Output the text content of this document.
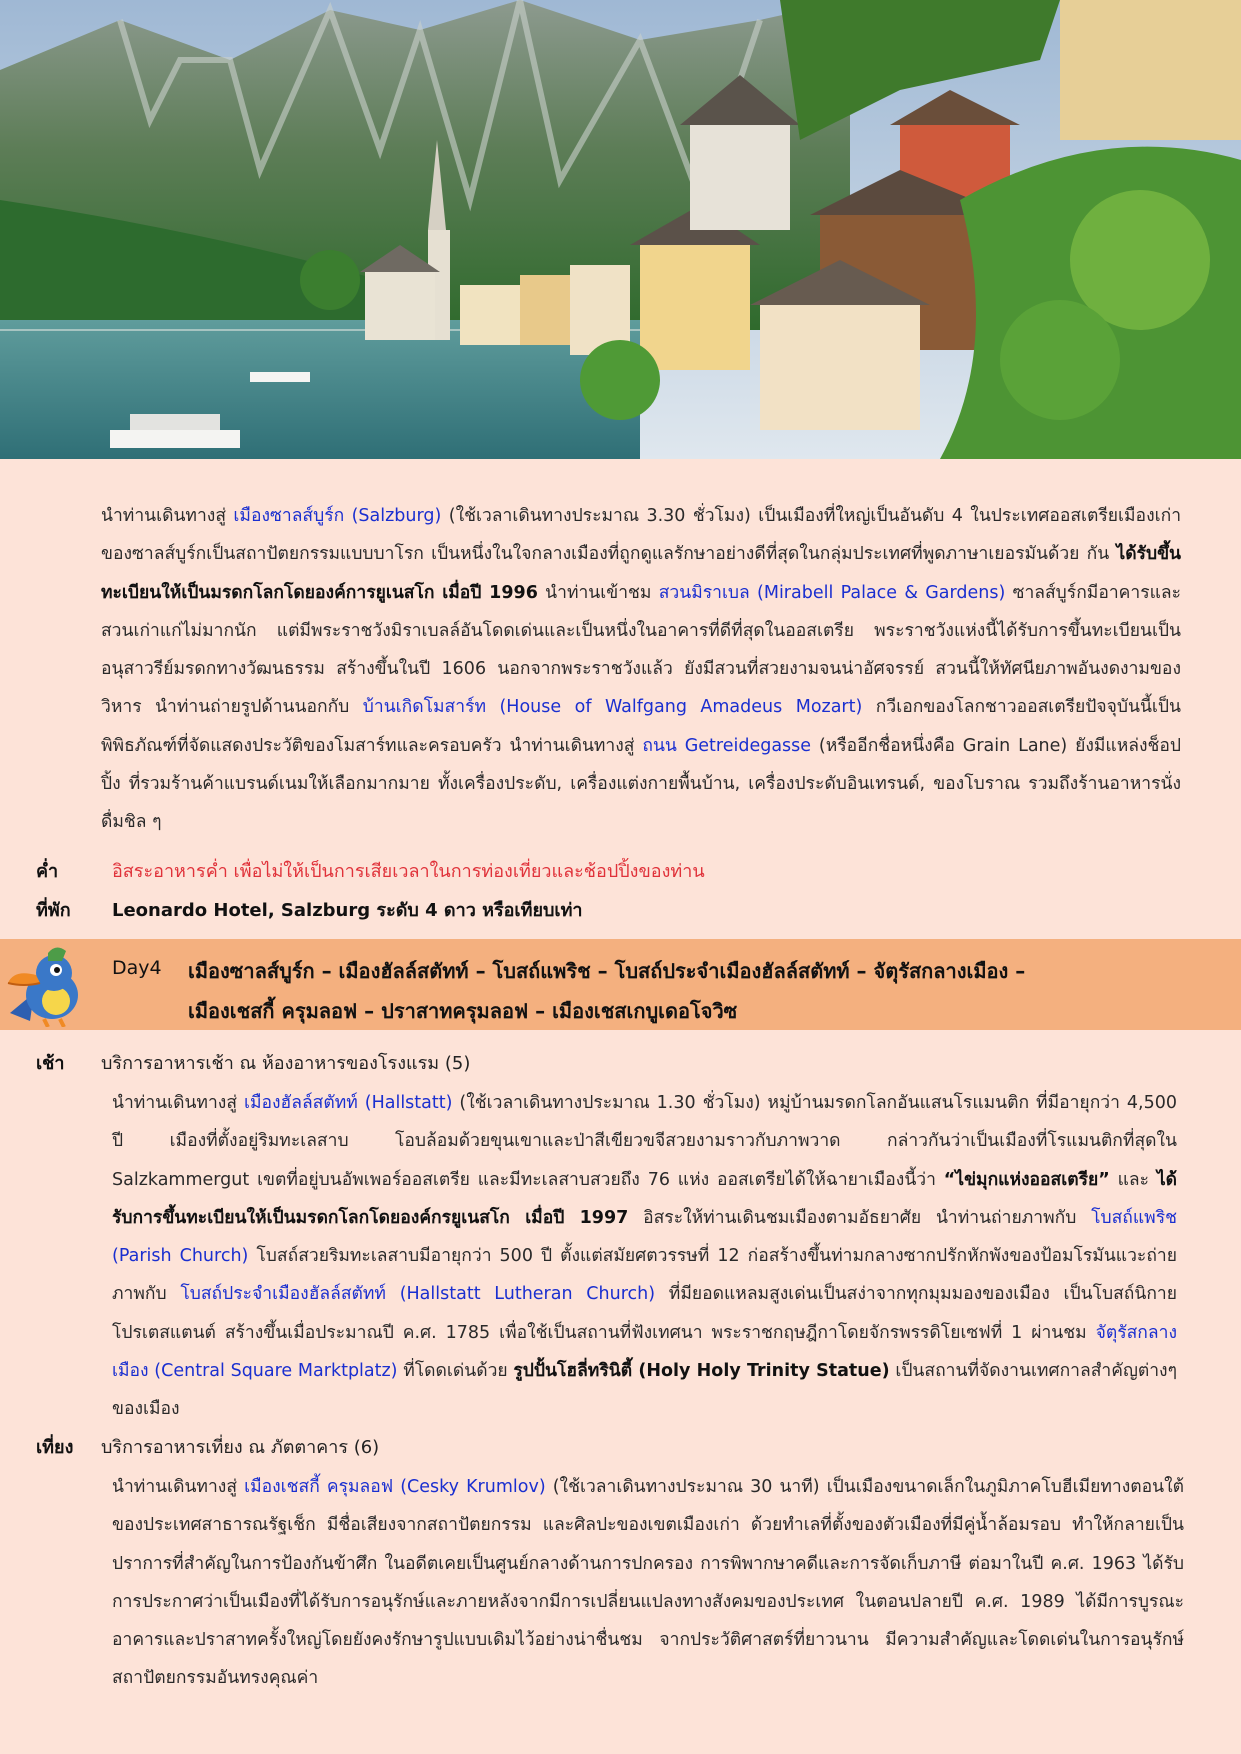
นำท่านเดินทางสู่ เมืองซาลส์บูร์ก (Salzburg) (ใช้เวลาเดินทางประมาณ 3.30 ชั่วโมง) เป็นเมืองที่ใหญ่เป็นอันดับ 4 ในประเทศออสเตรียเมืองเก่าของซาลส์บูร์กเป็นสถาปัตยกรรมแบบบาโรก เป็นหนึ่งในใจกลางเมืองที่ถูกดูแลรักษาอย่างดีที่สุดในกลุ่มประเทศที่พูดภาษาเยอรมันด้วย กัน ได้รับขึ้นทะเบียนให้เป็นมรดกโลกโดยองค์การยูเนสโก เมื่อปี 1996 นำท่านเข้าชม สวนมิราเบล (Mirabell Palace & Gardens) ซาลส์บูร์กมีอาคารและสวนเก่าแก่ไม่มากนัก แต่มีพระราชวังมิราเบลล์อันโดดเด่นและเป็นหนึ่งในอาคารที่ดีที่สุดในออสเตรีย พระราชวังแห่งนี้ได้รับการขึ้นทะเบียนเป็นอนุสาวรีย์มรดกทางวัฒนธรรม สร้างขึ้นในปี 1606 นอกจากพระราชวังแล้ว ยังมีสวนที่สวยงามจนน่าอัศจรรย์ สวนนี้ให้ทัศนียภาพอันงดงามของวิหาร นำท่านถ่ายรูปด้านนอกกับ บ้านเกิดโมสาร์ท (House of Walfgang Amadeus Mozart) กวีเอกของโลกชาวออสเตรียปัจจุบันนี้เป็นพิพิธภัณฑ์ที่จัดแสดงประวัติของโมสาร์ทและครอบครัว นำท่านเดินทางสู่ ถนน Getreidegasse (หรืออีกชื่อหนึ่งคือ Grain Lane) ยังมีแหล่งช็อปปิ้ง ที่รวมร้านค้าแบรนด์เนมให้เลือกมากมาย ทั้งเครื่องประดับ, เครื่องแต่งกายพื้นบ้าน, เครื่องประดับอินเทรนด์, ของโบราณ รวมถึงร้านอาหารนั่งดื่มชิล ๆ

ค่ำ	อิสระอาหารค่ำ เพื่อไม่ให้เป็นการเสียเวลาในการท่องเที่ยวและช้อปปิ้งของท่าน
ที่พัก Leonardo Hotel, Salzburg ระดับ 4 ดาว หรือเทียบเท่า
Day4 เมืองซาลส์บูร์ก – เมืองฮัลล์สตัทท์ – โบสถ์แพริช – โบสถ์ประจำเมืองฮัลล์สตัทท์ – จัตุรัสกลางเมือง –
เมืองเชสกี้ ครุมลอฟ – ปราสาทครุมลอฟ – เมืองเชสเกบูเดอโจวิซ
เช้า บริการอาหารเช้า ณ ห้องอาหารของโรงแรม (5)

นำท่านเดินทางสู่ เมืองฮัลล์สตัทท์ (Hallstatt) (ใช้เวลาเดินทางประมาณ 1.30 ชั่วโมง) หมู่บ้านมรดกโลกอันแสนโรแมนติก ที่มีอายุกว่า 4,500 ปี เมืองที่ตั้งอยู่ริมทะเลสาบ โอบล้อมด้วยขุนเขาและป่าสีเขียวขจีสวยงามราวกับภาพวาด กล่าวกันว่าเป็นเมืองที่โรแมนติกที่สุดใน Salzkammergut เขตที่อยู่บนอัพเพอร์ออสเตรีย และมีทะเลสาบสวยถึง 76 แห่ง ออสเตรียได้ให้ฉายาเมืองนี้ว่า “ไข่มุกแห่งออสเตรีย” และ ได้รับการขึ้นทะเบียนให้เป็นมรดกโลกโดยองค์กรยูเนสโก เมื่อปี 1997 อิสระให้ท่านเดินชมเมืองตามอัธยาศัย นำท่านถ่ายภาพกับ โบสถ์แพริช (Parish Church) โบสถ์สวยริมทะเลสาบมีอายุกว่า 500 ปี ตั้งแต่สมัยศตวรรษที่ 12 ก่อสร้างขึ้นท่ามกลางซากปรักหักพังของป้อมโรมันแวะถ่ายภาพกับ โบสถ์ประจำเมืองฮัลล์สตัทท์ (Hallstatt Lutheran Church) ที่มียอดแหลมสูงเด่นเป็นสง่าจากทุกมุมมองของเมือง เป็นโบสถ์นิกายโปรเตสแตนต์ สร้างขึ้นเมื่อประมาณปี ค.ศ. 1785 เพื่อใช้เป็นสถานที่ฟังเทศนา พระราชกฤษฎีกาโดยจักรพรรดิโยเซฟที่ 1 ผ่านชม จัตุรัสกลางเมือง (Central Square Marktplatz) ที่โดดเด่นด้วย รูปปั้นโฮลี่ทรินิตี้ (Holy Holy Trinity Statue) เป็นสถานที่จัดงานเทศกาลสำคัญต่างๆของเมือง

เที่ยง บริการอาหารเที่ยง ณ ภัตตาคาร (6)

นำท่านเดินทางสู่ เมืองเชสกี้ ครุมลอฟ (Cesky Krumlov) (ใช้เวลาเดินทางประมาณ 30 นาที) เป็นเมืองขนาดเล็กในภูมิภาคโบฮีเมียทางตอนใต้ของประเทศสาธารณรัฐเช็ก มีชื่อเสียงจากสถาปัตยกรรม และศิลปะของเขตเมืองเก่า ด้วยทำเลที่ตั้งของตัวเมืองที่มีคู่น้ำล้อมรอบ ทำให้กลายเป็นปราการที่สำคัญในการป้องกันข้าศึก ในอดีตเคยเป็นศูนย์กลางด้านการปกครอง การพิพากษาคดีและการจัดเก็บภาษี ต่อมาในปี ค.ศ. 1963 ได้รับการประกาศว่าเป็นเมืองที่ได้รับการอนุรักษ์และภายหลังจากมีการเปลี่ยนแปลงทางสังคมของประเทศ ในตอนปลายปี ค.ศ. 1989 ได้มีการบูรณะอาคารและปราสาทครั้งใหญ่โดยยังคงรักษารูปแบบเดิมไว้อย่างน่าชื่นชม จากประวัติศาสตร์ที่ยาวนาน มีความสำคัญและโดดเด่นในการอนุรักษ์สถาปัตยกรรมอันทรงคุณค่า
